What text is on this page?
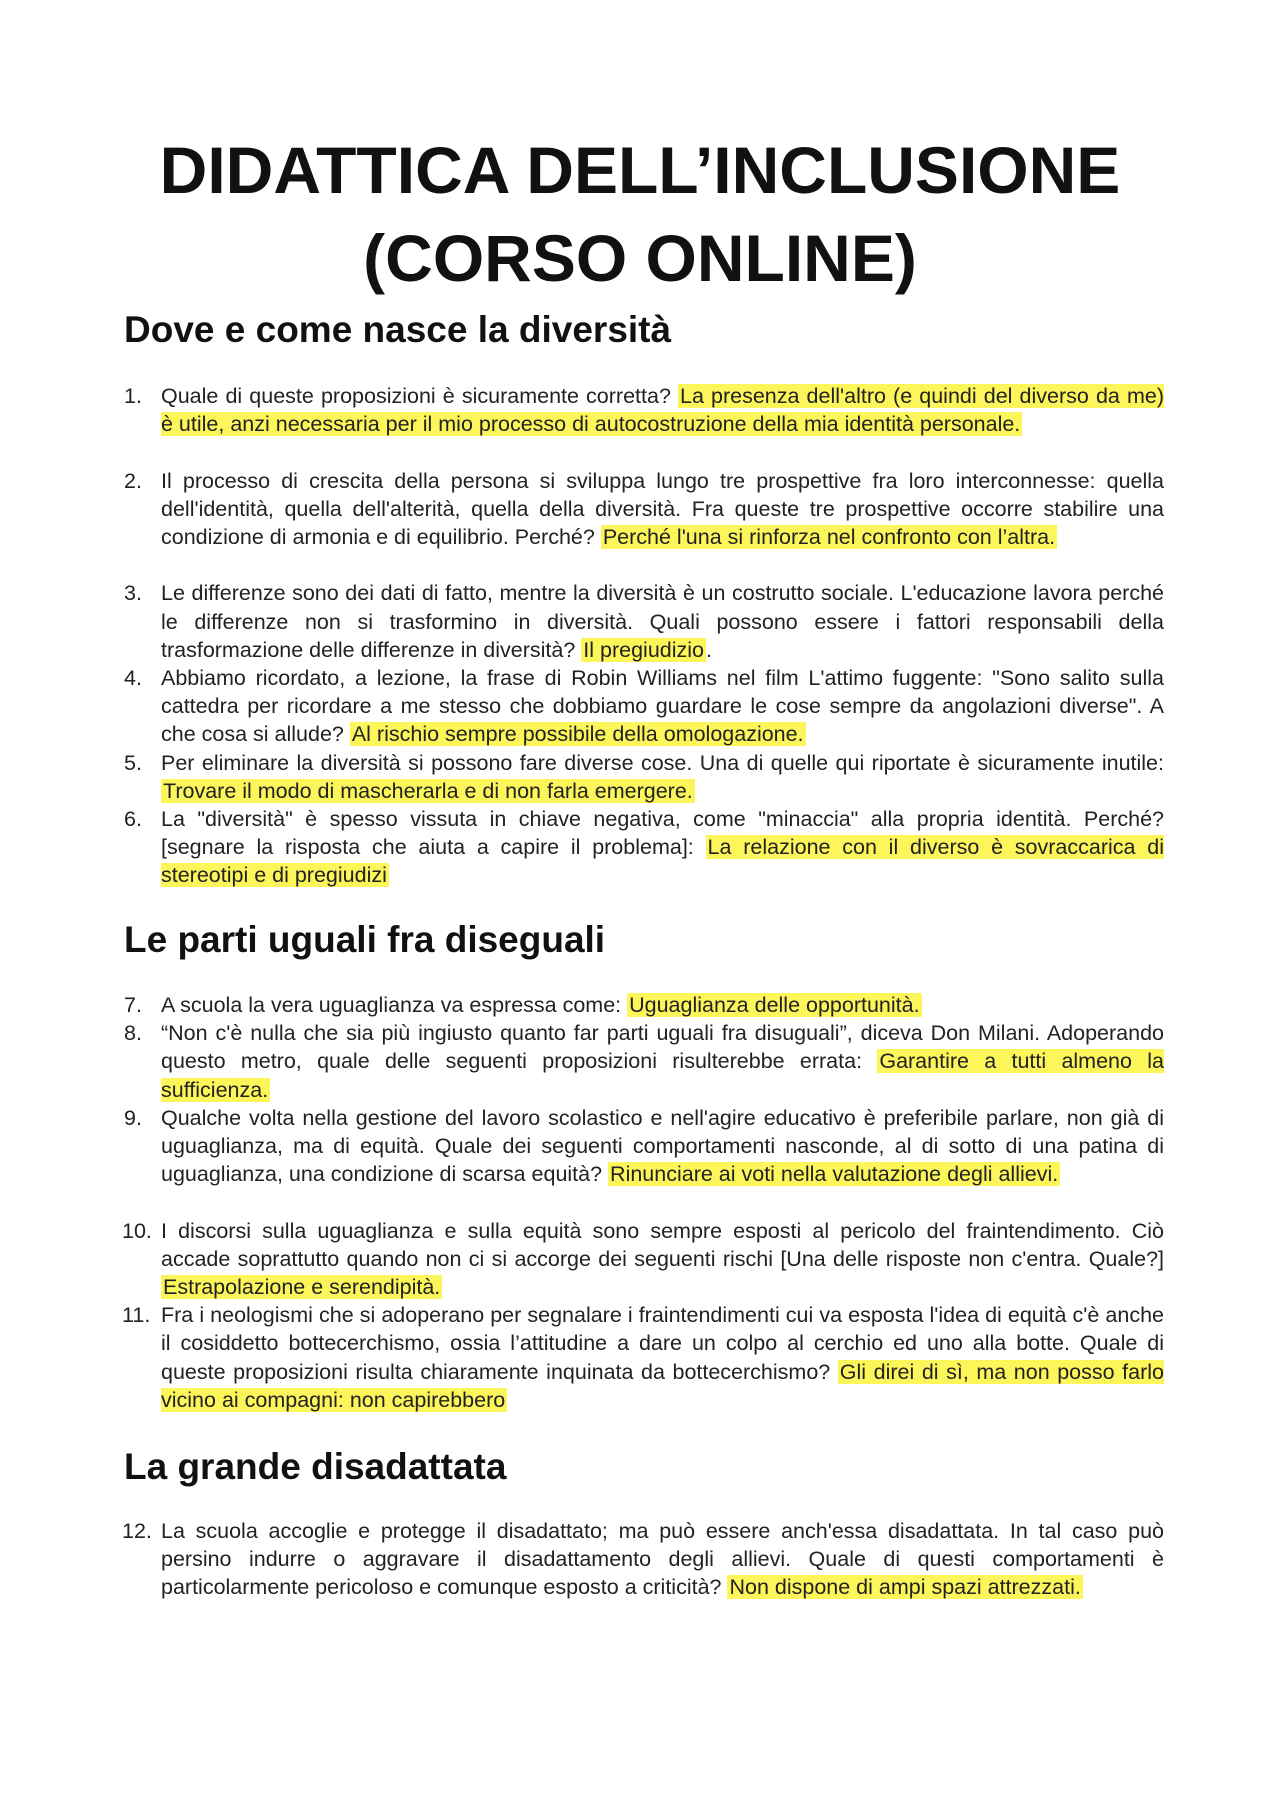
DIDATTICA DELL’INCLUSIONE
(CORSO ONLINE)
Dove e come nasce la diversità
1. Quale di queste proposizioni è sicuramente corretta? La presenza dell'altro (e quindi del diverso da me) è utile, anzi necessaria per il mio processo di autocostruzione della mia identità personale.
2. Il processo di crescita della persona si sviluppa lungo tre prospettive fra loro interconnesse: quella dell'identità, quella dell'alterità, quella della diversità. Fra queste tre prospettive occorre stabilire una condizione di armonia e di equilibrio. Perché? Perché l'una si rinforza nel confronto con l’altra.
3. Le differenze sono dei dati di fatto, mentre la diversità è un costrutto sociale. L'educazione lavora perché le differenze non si trasformino in diversità. Quali possono essere i fattori responsabili della trasformazione delle differenze in diversità? Il pregiudizio.
4. Abbiamo ricordato, a lezione, la frase di Robin Williams nel film L'attimo fuggente: "Sono salito sulla cattedra per ricordare a me stesso che dobbiamo guardare le cose sempre da angolazioni diverse". A che cosa si allude? Al rischio sempre possibile della omologazione.
5. Per eliminare la diversità si possono fare diverse cose. Una di quelle qui riportate è sicuramente inutile: Trovare il modo di mascherarla e di non farla emergere.
6. La "diversità" è spesso vissuta in chiave negativa, come "minaccia" alla propria identità. Perché? [segnare la risposta che aiuta a capire il problema]: La relazione con il diverso è sovraccarica di stereotipi e di pregiudizi
Le parti uguali fra diseguali
7. A scuola la vera uguaglianza va espressa come: Uguaglianza delle opportunità.
8. “Non c'è nulla che sia più ingiusto quanto far parti uguali fra disuguali”, diceva Don Milani. Adoperando questo metro, quale delle seguenti proposizioni risulterebbe errata: Garantire a tutti almeno la sufficienza.
9. Qualche volta nella gestione del lavoro scolastico e nell'agire educativo è preferibile parlare, non già di uguaglianza, ma di equità. Quale dei seguenti comportamenti nasconde, al di sotto di una patina di uguaglianza, una condizione di scarsa equità? Rinunciare ai voti nella valutazione degli allievi.
10. I discorsi sulla uguaglianza e sulla equità sono sempre esposti al pericolo del fraintendimento. Ciò accade soprattutto quando non ci si accorge dei seguenti rischi [Una delle risposte non c'entra. Quale?] Estrapolazione e serendipità.
11. Fra i neologismi che si adoperano per segnalare i fraintendimenti cui va esposta l'idea di equità c'è anche il cosiddetto bottecerchismo, ossia l’attitudine a dare un colpo al cerchio ed uno alla botte. Quale di queste proposizioni risulta chiaramente inquinata da bottecerchismo? Gli direi di sì, ma non posso farlo vicino ai compagni: non capirebbero
La grande disadattata
12. La scuola accoglie e protegge il disadattato; ma può essere anch'essa disadattata. In tal caso può persino indurre o aggravare il disadattamento degli allievi. Quale di questi comportamenti è particolarmente pericoloso e comunque esposto a criticità? Non dispone di ampi spazi attrezzati.
